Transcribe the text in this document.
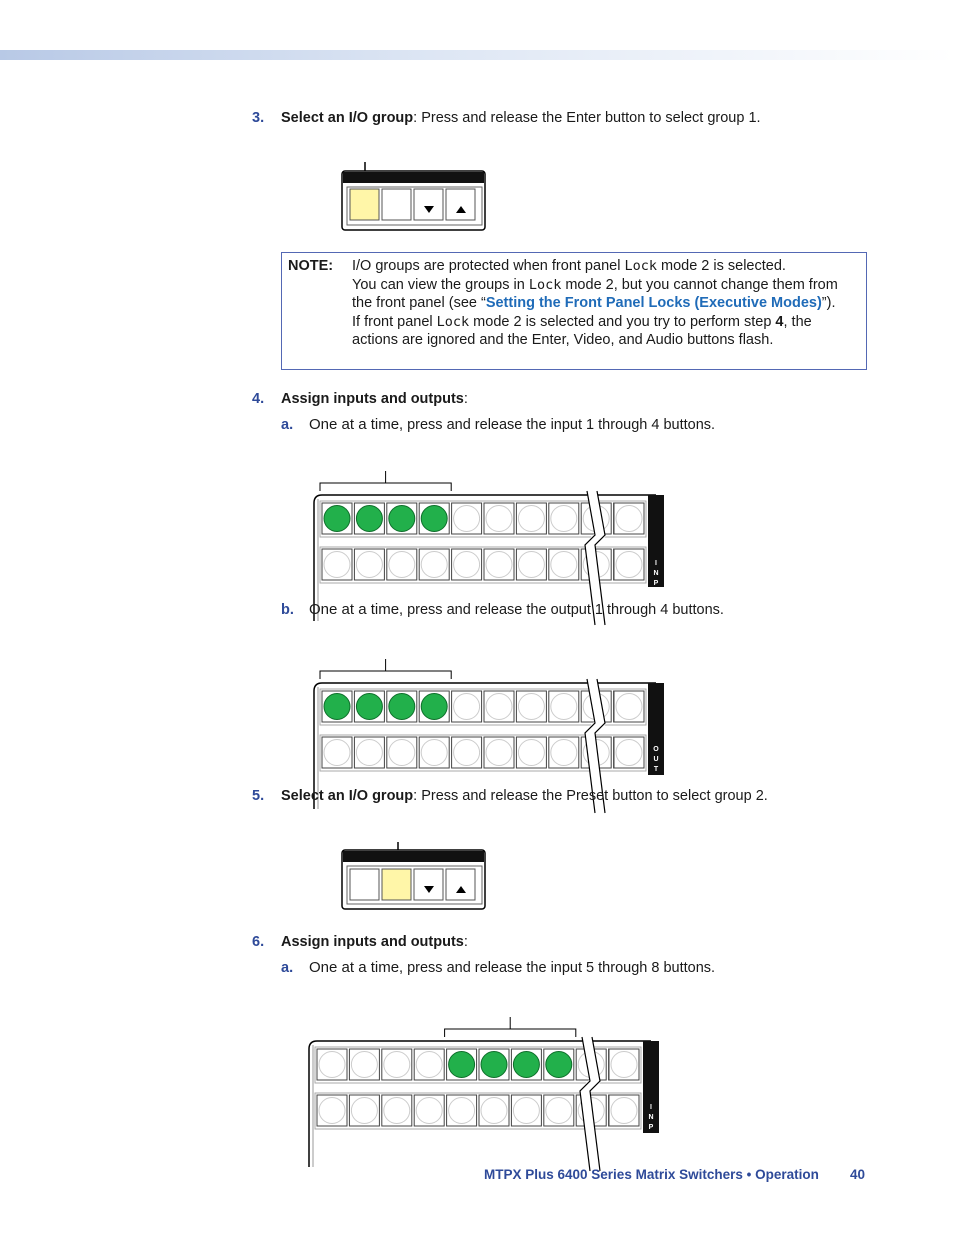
3. Select an I/O group: Press and release the Enter button to select group 1.
NOTE: I/O groups are protected when front panel Lock mode 2 is selected.
You can view the groups in Lock mode 2, but you cannot change them from the front panel (see “Setting the Front Panel Locks (Executive Modes)”).
If front panel Lock mode 2 is selected and you try to perform step 4, the actions are ignored and the Enter, Video, and Audio buttons flash.
4. Assign inputs and outputs:
a. One at a time, press and release the input 1 through 4 buttons.
I
N
P
b. One at a time, press and release the output 1 through 4 buttons.
O
U
T
5. Select an I/O group: Press and release the Preset button to select group 2.
6. Assign inputs and outputs:
a. One at a time, press and release the input 5 through 8 buttons.
I
N
P
MTPX Plus 6400 Series Matrix Switchers • Operation 40
